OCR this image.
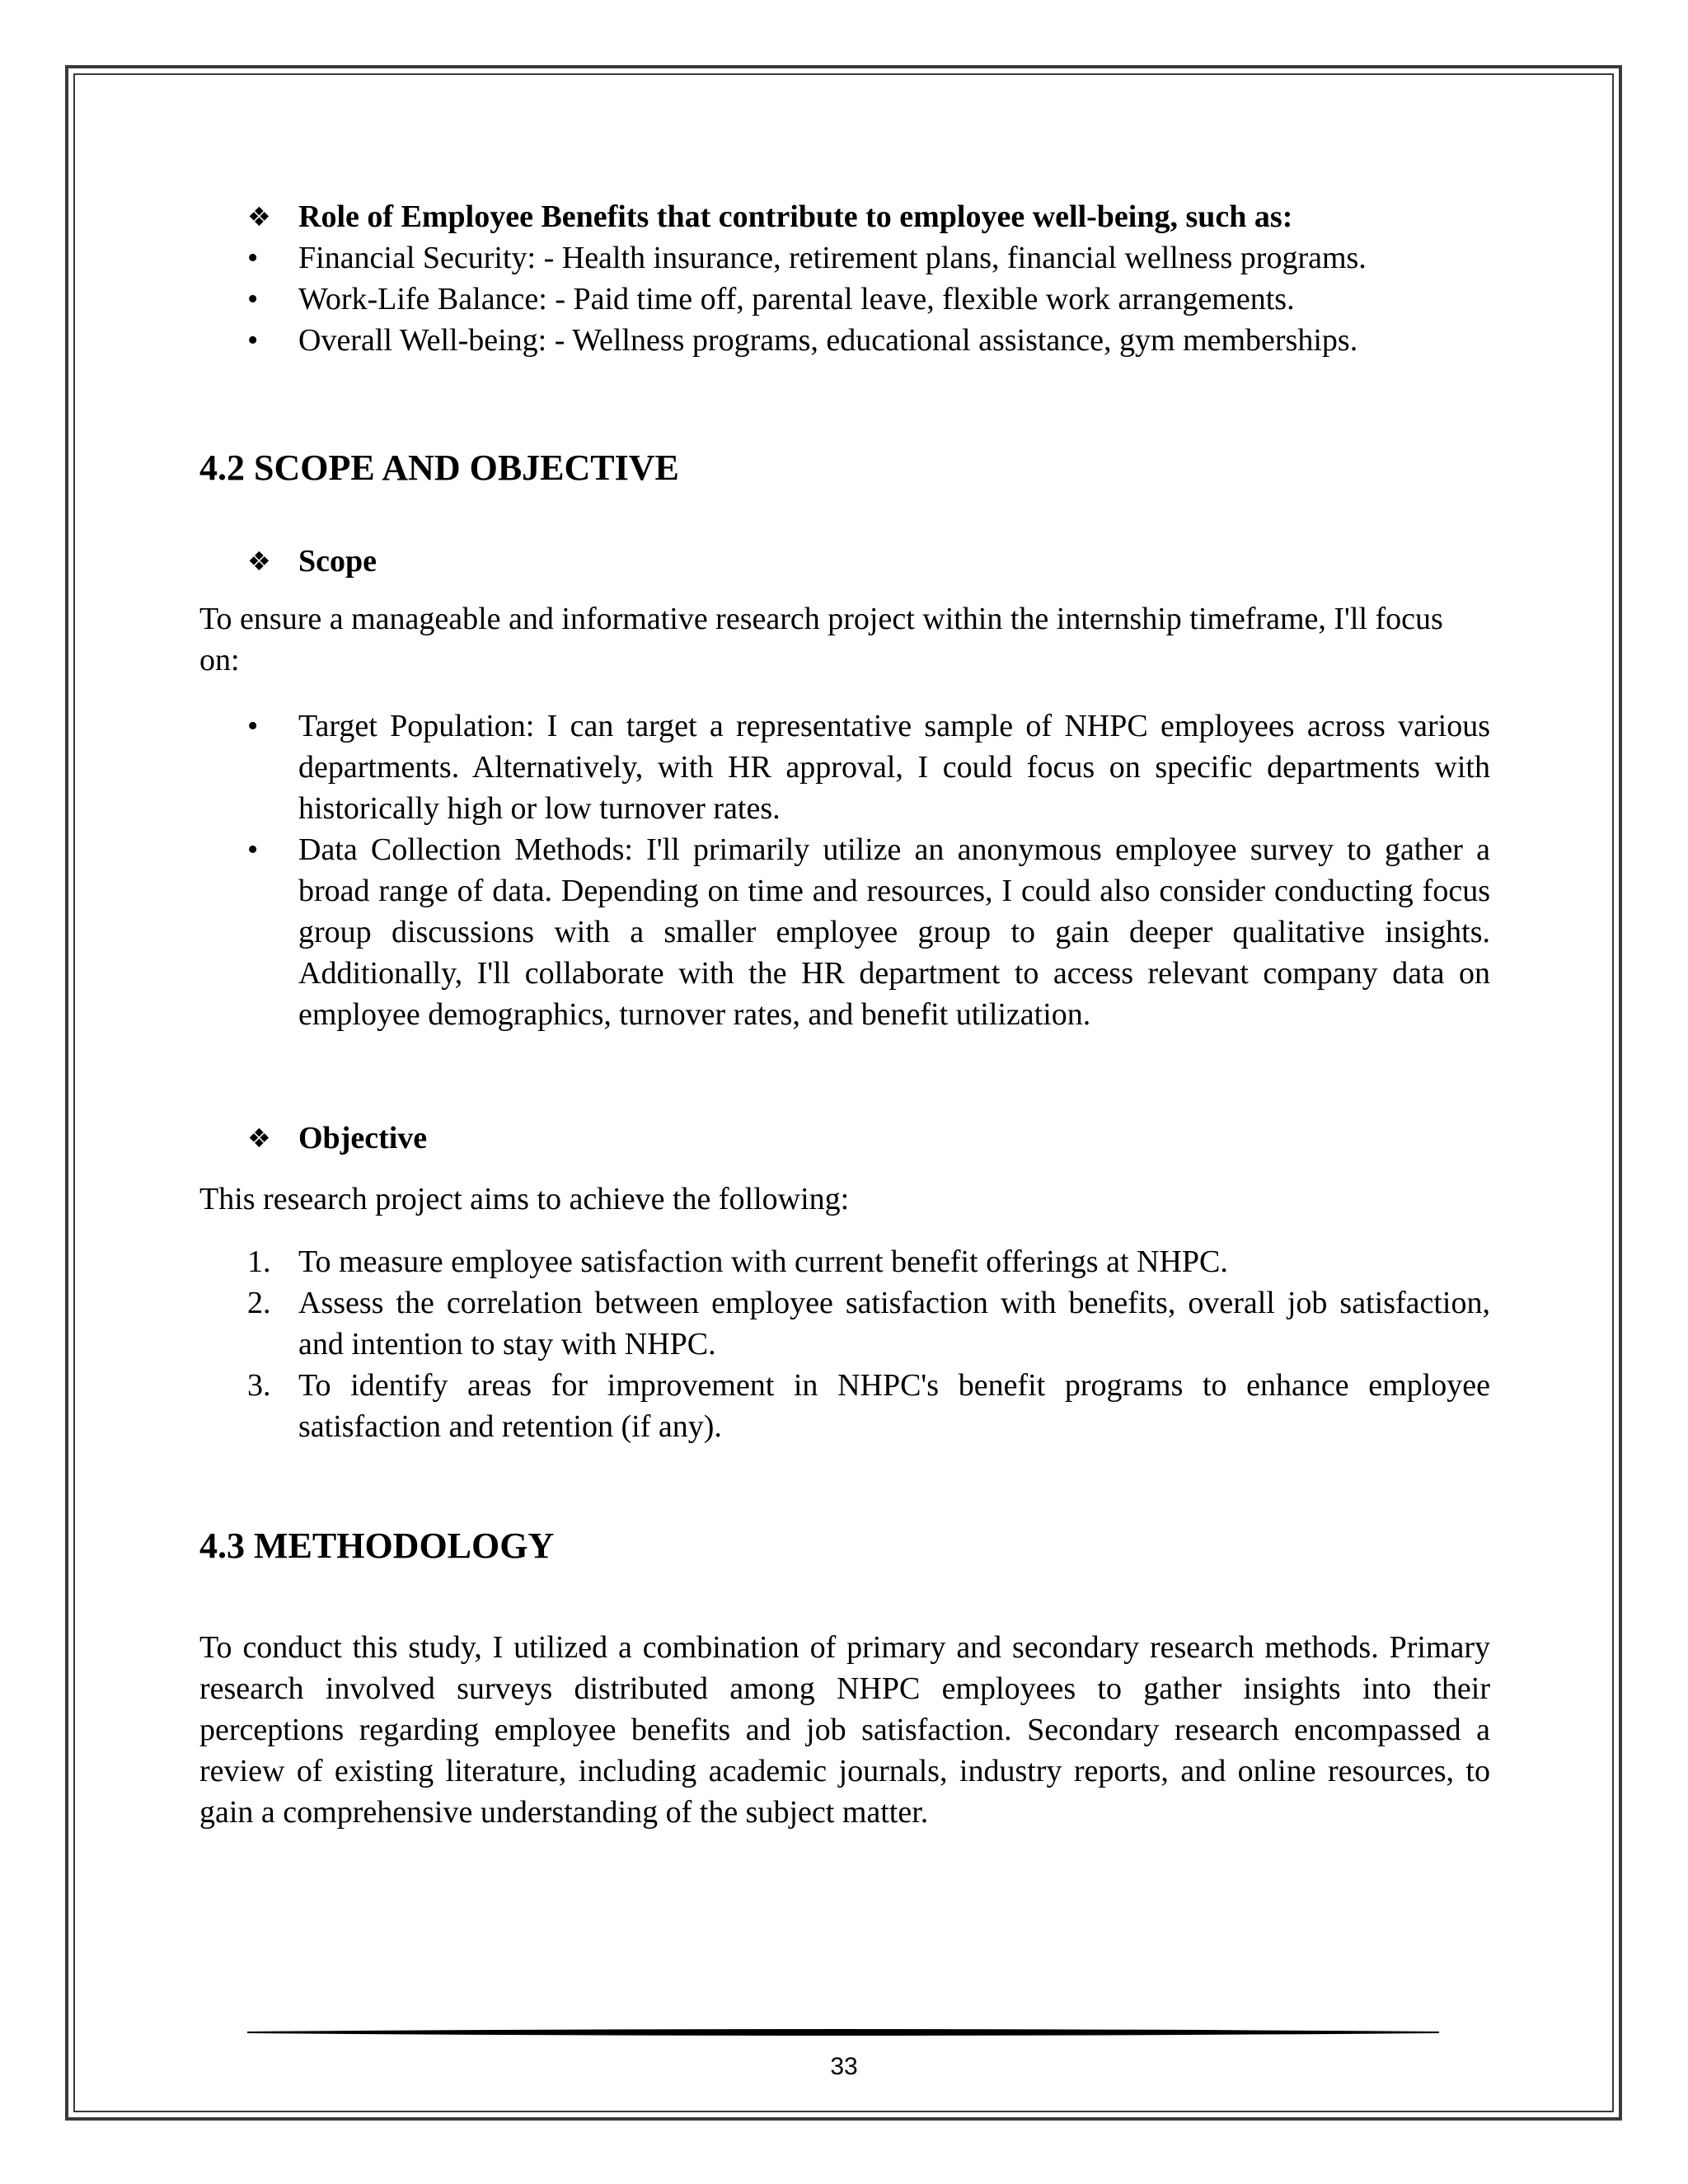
❖ Role of Employee Benefits that contribute to employee well-being, such as:
• Financial Security: - Health insurance, retirement plans, financial wellness programs.
• Work-Life Balance: - Paid time off, parental leave, flexible work arrangements.
• Overall Well-being: - Wellness programs, educational assistance, gym memberships.
4.2 SCOPE AND OBJECTIVE
❖ Scope

To ensure a manageable and informative research project within the internship timeframe, I'll focus on:

• Target Population: I can target a representative sample of NHPC employees across various departments. Alternatively, with HR approval, I could focus on specific departments with historically high or low turnover rates.
• Data Collection Methods: I'll primarily utilize an anonymous employee survey to gather a broad range of data. Depending on time and resources, I could also consider conducting focus group discussions with a smaller employee group to gain deeper qualitative insights. Additionally, I'll collaborate with the HR department to access relevant company data on employee demographics, turnover rates, and benefit utilization.
❖ Objective

This research project aims to achieve the following:

1. To measure employee satisfaction with current benefit offerings at NHPC.
2. Assess the correlation between employee satisfaction with benefits, overall job satisfaction, and intention to stay with NHPC.
3. To identify areas for improvement in NHPC's benefit programs to enhance employee satisfaction and retention (if any).
4.3 METHODOLOGY

To conduct this study, I utilized a combination of primary and secondary research methods. Primary research involved surveys distributed among NHPC employees to gather insights into their perceptions regarding employee benefits and job satisfaction. Secondary research encompassed a review of existing literature, including academic journals, industry reports, and online resources, to gain a comprehensive understanding of the subject matter.

33
